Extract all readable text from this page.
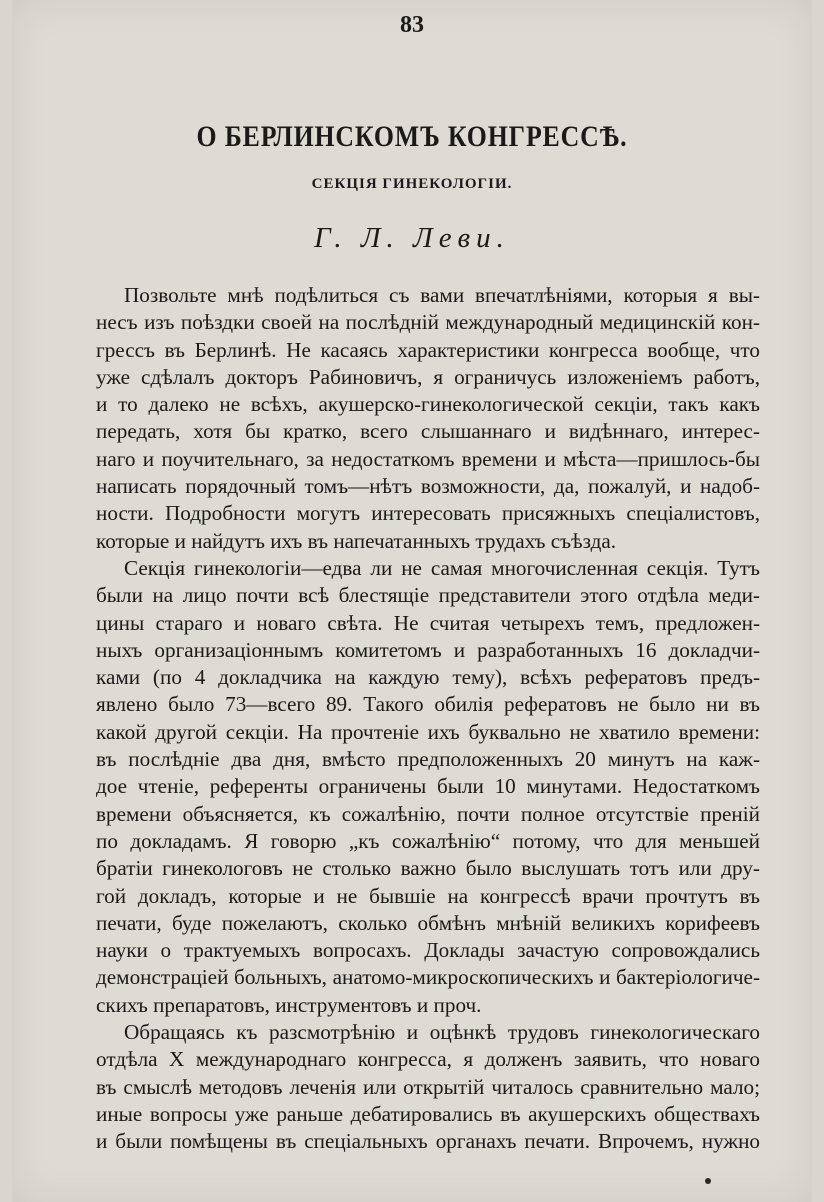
83
О БЕРЛИНСКОМЪ КОНГРЕССѢ.
СЕКЦІЯ ГИНЕКОЛОГІИ.
Г. Л. Леви.
Позвольте мнѣ подѣлиться съ вами впечатлѣніями, которыя я вы-
несъ изъ поѣздки своей на послѣдній международный медицинскій кон-
грессъ въ Берлинѣ. Не касаясь характеристики конгресса вообще, что
уже сдѣлалъ докторъ Рабиновичъ, я ограничусь изложеніемъ работъ,
и то далеко не всѣхъ, акушерско-гинекологической секціи, такъ какъ
передать, хотя бы кратко, всего слышаннаго и видѣннаго, интерес-
наго и поучительнаго, за недостаткомъ времени и мѣста—пришлось-бы
написать порядочный томъ—нѣтъ возможности, да, пожалуй, и надоб-
ности. Подробности могутъ интересовать присяжныхъ спеціалистовъ,
которые и найдутъ ихъ въ напечатанныхъ трудахъ съѣзда.
Секція гинекологіи—едва ли не самая многочисленная секція. Тутъ
были на лицо почти всѣ блестящіе представители этого отдѣла меди-
цины стараго и новаго свѣта. Не считая четырехъ темъ, предложен-
ныхъ организаціоннымъ комитетомъ и разработанныхъ 16 докладчи-
ками (по 4 докладчика на каждую тему), всѣхъ рефератовъ предъ-
явлено было 73—всего 89. Такого обилія рефератовъ не было ни въ
какой другой секціи. На прочтеніе ихъ буквально не хватило времени:
въ послѣдніе два дня, вмѣсто предположенныхъ 20 минутъ на каж-
дое чтеніе, референты ограничены были 10 минутами. Недостаткомъ
времени объясняется, къ сожалѣнію, почти полное отсутствіе преній
по докладамъ. Я говорю „къ сожалѣнію“ потому, что для меньшей
братіи гинекологовъ не столько важно было выслушать тотъ или дру-
гой докладъ, которые и не бывшіе на конгрессѣ врачи прочтутъ въ
печати, буде пожелаютъ, сколько обмѣнъ мнѣній великихъ корифеевъ
науки о трактуемыхъ вопросахъ. Доклады зачастую сопровождались
демонстраціей больныхъ, анатомо-микроскопическихъ и бактеріологиче-
скихъ препаратовъ, инструментовъ и проч.
Обращаясь къ разсмотрѣнію и оцѣнкѣ трудовъ гинекологическаго
отдѣла X международнаго конгресса, я долженъ заявить, что новаго
въ смыслѣ методовъ леченія или открытій читалось сравнительно мало;
иные вопросы уже раньше дебатировались въ акушерскихъ обществахъ
и были помѣщены въ спеціальныхъ органахъ печати. Впрочемъ, нужно
